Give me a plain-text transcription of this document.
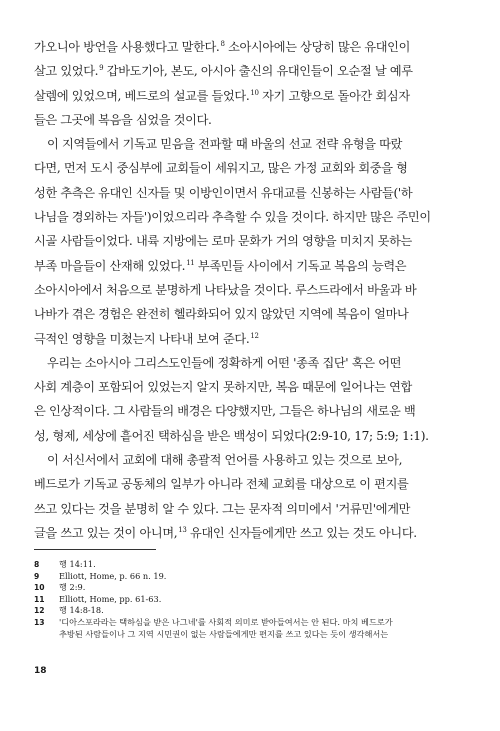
가오니아 방언을 사용했다고 말한다.$^8$ 소아시아에는 상당히 많은 유대인이
살고 있었다.$^9$ 갑바도기아, 본도, 아시아 출신의 유대인들이 오순절 날 예루
살렘에 있었으며, 베드로의 설교를 들었다.$^{10}$ 자기 고향으로 돌아간 회심자
들은 그곳에 복음을 심었을 것이다.
이 지역들에서 기독교 믿음을 전파할 때 바울의 선교 전략 유형을 따랐
다면, 먼저 도시 중심부에 교회들이 세워지고, 많은 가정 교회와 회중을 형
성한 추측은 유대인 신자들 및 이방인이면서 유대교를 신봉하는 사람들('하
나님을 경외하는 자들')이었으리라 추측할 수 있을 것이다. 하지만 많은 주민이
시골 사람들이었다. 내륙 지방에는 로마 문화가 거의 영향을 미치지 못하는
부족 마을들이 산재해 있었다.$^{11}$ 부족민들 사이에서 기독교 복음의 능력은
소아시아에서 처음으로 분명하게 나타났을 것이다. 루스드라에서 바울과 바
나바가 겪은 경험은 완전히 헬라화되어 있지 않았던 지역에 복음이 얼마나
극적인 영향을 미쳤는지 나타내 보여 준다.$^{12}$
우리는 소아시아 그리스도인들에 정확하게 어떤 '종족 집단' 혹은 어떤
사회 계층이 포함되어 있었는지 알지 못하지만, 복음 때문에 일어나는 연합
은 인상적이다. 그 사람들의 배경은 다양했지만, 그들은 하나님의 새로운 백
성, 형제, 세상에 흩어진 택하심을 받은 백성이 되었다(2:9-10, 17; 5:9; 1:1).
이 서신서에서 교회에 대해 총괄적 언어를 사용하고 있는 것으로 보아,
베드로가 기독교 공동체의 일부가 아니라 전체 교회를 대상으로 이 편지를
쓰고 있다는 것을 분명히 알 수 있다. 그는 문자적 의미에서 '거류민'에게만
글을 쓰고 있는 것이 아니며,$^{13}$ 유대인 신자들에게만 쓰고 있는 것도 아니다.
8	행 14:11.
9	Elliott, Home, p. 66 n. 19.
10	행 2:9.
11	Elliott, Home, pp. 61-63.
12	행 14:8-18.
13	'디아스포라라는 택하심을 받은 나그네'를 사회적 의미로 받아들여서는 안 된다. 마치 베드로가
추방된 사람들이나 그 지역 시민권이 없는 사람들에게만 편지를 쓰고 있다는 듯이 생각해서는
18
